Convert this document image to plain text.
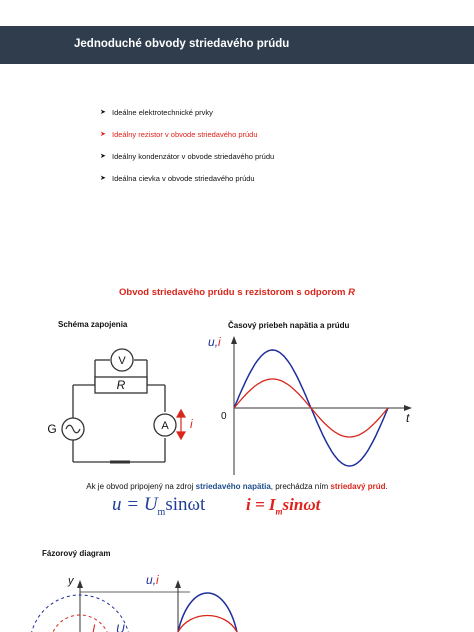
Jednoduché obvody striedavého prúdu
➤ Ideálne elektrotechnické prvky
➤ Ideálny rezistor v obvode striedavého prúdu
➤ Ideálny kondenzátor v obvode striedavého prúdu
➤ Ideálna cievka v obvode striedavého prúdu
Obvod striedavého prúdu s rezistorom s odporom R
Schéma zapojenia	Časový priebeh napätia a prúdu
R
V
G	A i
u,i
t
0
Ak je obvod pripojený na zdroj striedavého napätia, prechádza ním striedavý prúd.
$u = U_m\sin\omega t$ $i = I_m\sin\omega t$
Fázorový diagram
y
I U
u,i
